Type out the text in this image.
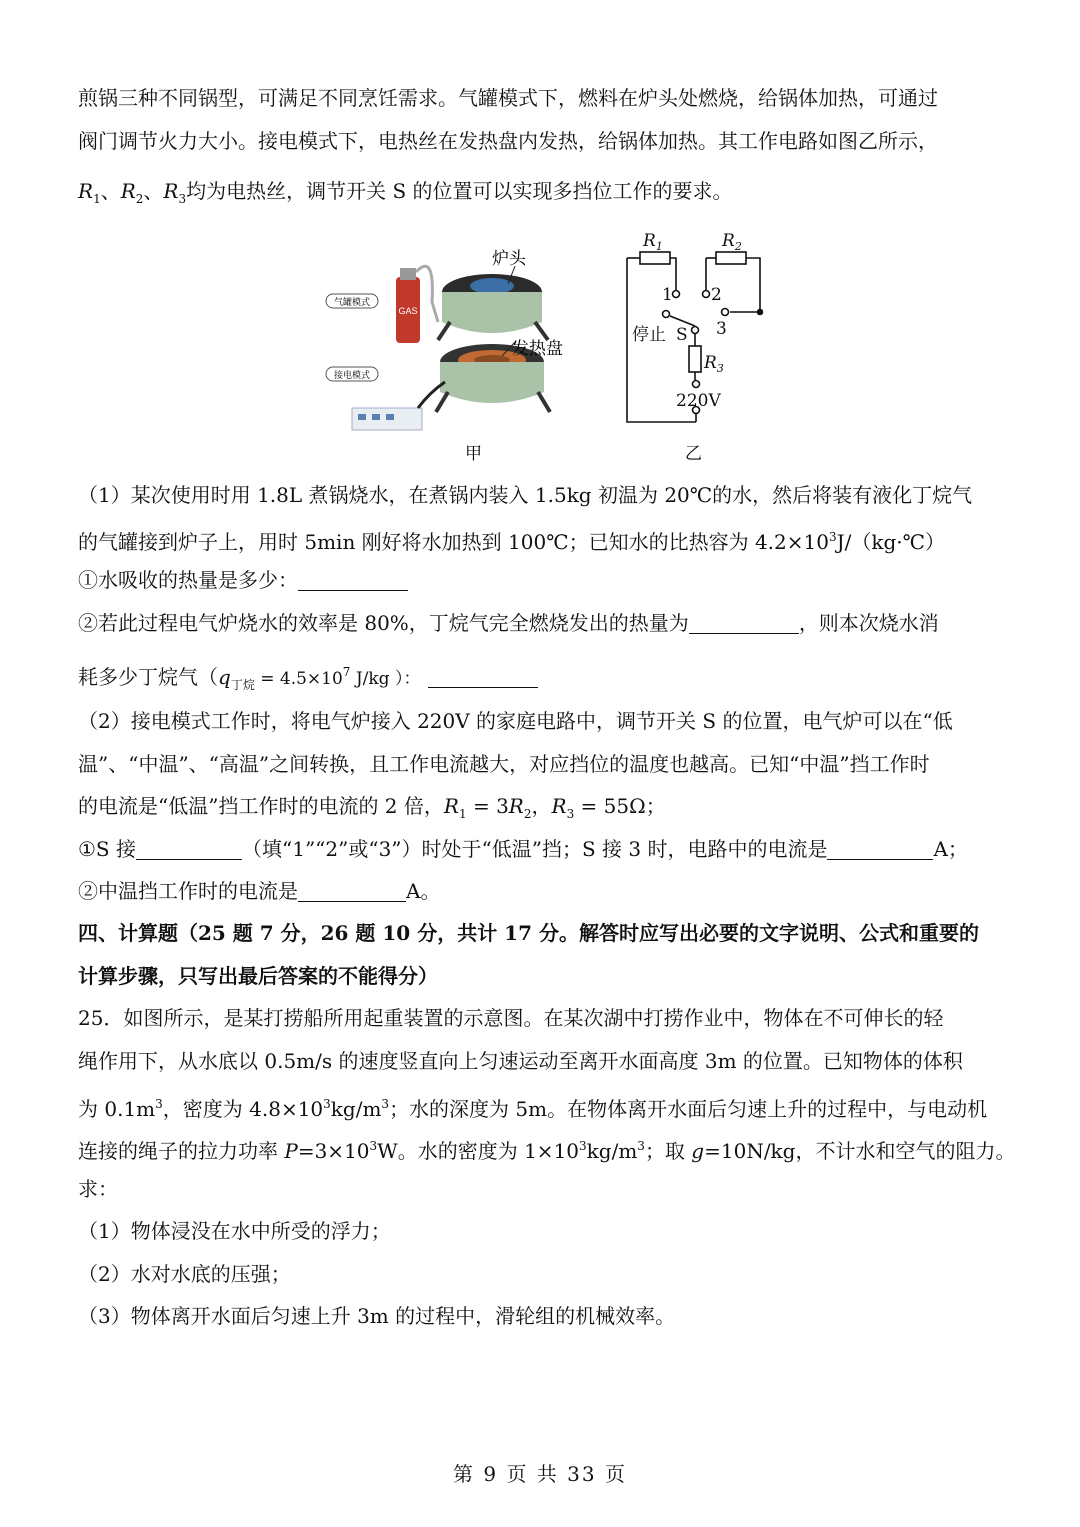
煎锅三种不同锅型，可满足不同烹饪需求。气罐模式下，燃料在炉头处燃烧，给锅体加热，可通过
阀门调节火力大小。接电模式下，电热丝在发热盘内发热，给锅体加热。其工作电路如图乙所示，
$R_1$、$R_2$、$R_3$均为电热丝，调节开关 S 的位置可以实现多挡位工作的要求。
GAS
气罐模式
接电模式
炉头
发热盘
甲
$R_1$	$R_2$
$R_3$
1 2
3
停止 S
220V
乙
（1）某次使用时用 1.8L 煮锅烧水，在煮锅内装入 1.5kg 初温为 20℃的水，然后将装有液化丁烷气
的气罐接到炉子上，用时 5min 刚好将水加热到 100℃；已知水的比热容为 $4.2\times 10^3J/(kg\cdot℃)$
①水吸收的热量是多少：
②若此过程电气炉烧水的效率是 80%，丁烷气完全燃烧发出的热量为	，则本次烧水消
耗多少丁烷气（$q_{丁烷} = 4.5\times 10^7$ J/kg ）：
（2）接电模式工作时，将电气炉接入 220V 的家庭电路中，调节开关 S 的位置，电气炉可以在“低
温”、“中温”、“高温”之间转换，且工作电流越大，对应挡位的温度也越高。已知“中温”挡工作时
的电流是“低温”挡工作时的电流的 2 倍，$R_1 = 3R_2$，$R_3 = 55\Omega$；
①S 接	（填“1”“2”或“3”）时处于“低温”挡；S 接 3 时，电路中的电流是	A；
②中温挡工作时的电流是	A。
四、计算题（25 题 7 分，26 题 10 分，共计 17 分。解答时应写出必要的文字说明、公式和重要的
计算步骤，只写出最后答案的不能得分）
25．如图所示，是某打捞船所用起重装置的示意图。在某次湖中打捞作业中，物体在不可伸长的轻
绳作用下，从水底以 0.5m/s 的速度竖直向上匀速运动至离开水面高度 3m 的位置。已知物体的体积
为 $0.1m^3$，密度为 $4.8\times 10^3kg/m^3$；水的深度为 5m。在物体离开水面后匀速上升的过程中，与电动机
连接的绳子的拉力功率 $P=3\times 10^3W$。水的密度为 $1\times 10^3kg/m^3$；取 g=10N/kg，不计水和空气的阻力。
求：
（1）物体浸没在水中所受的浮力；
（2）水对水底的压强；
（3）物体离开水面后匀速上升 3m 的过程中，滑轮组的机械效率。
第 9 页 共 33 页
